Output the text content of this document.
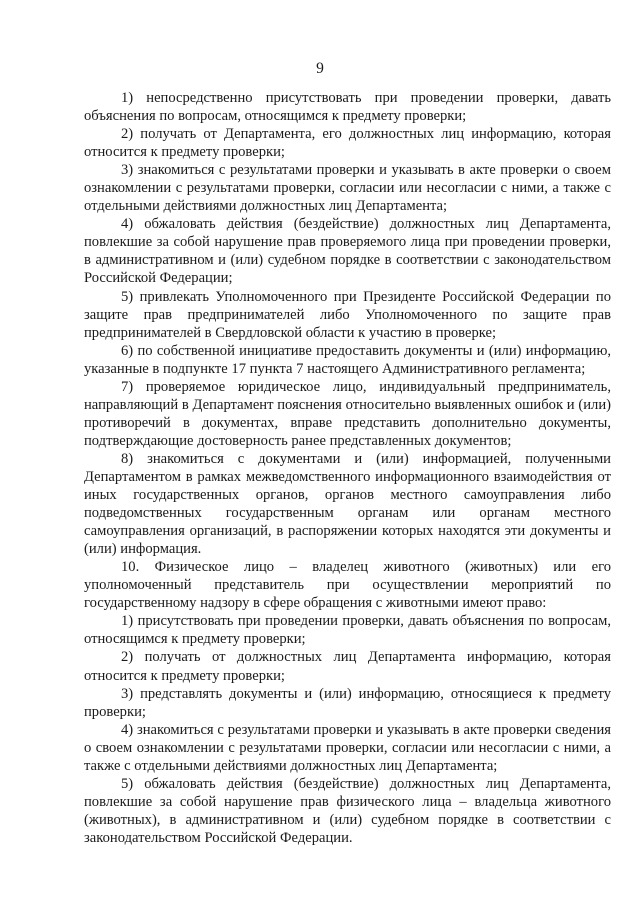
9

1) непосредственно присутствовать при проведении проверки, давать объяснения по вопросам, относящимся к предмету проверки;

2) получать от Департамента, его должностных лиц информацию, которая относится к предмету проверки;

3) знакомиться с результатами проверки и указывать в акте проверки о своем ознакомлении с результатами проверки, согласии или несогласии с ними, а также с отдельными действиями должностных лиц Департамента;

4) обжаловать действия (бездействие) должностных лиц Департамента, повлекшие за собой нарушение прав проверяемого лица при проведении проверки, в административном и (или) судебном порядке в соответствии с законодательством Российской Федерации;

5) привлекать Уполномоченного при Президенте Российской Федерации по защите прав предпринимателей либо Уполномоченного по защите прав предпринимателей в Свердловской области к участию в проверке;

6) по собственной инициативе предоставить документы и (или) информацию, указанные в подпункте 17 пункта 7 настоящего Административного регламента;

7) проверяемое юридическое лицо, индивидуальный предприниматель, направляющий в Департамент пояснения относительно выявленных ошибок и (или) противоречий в документах, вправе представить дополнительно документы, подтверждающие достоверность ранее представленных документов;

8) знакомиться с документами и (или) информацией, полученными Департаментом в рамках межведомственного информационного взаимодействия от иных государственных органов, органов местного самоуправления либо подведомственных государственным органам или органам местного самоуправления организаций, в распоряжении которых находятся эти документы и (или) информация.

10. Физическое лицо – владелец животного (животных) или его уполномоченный представитель при осуществлении мероприятий по государственному надзору в сфере обращения с животными имеют право:

1) присутствовать при проведении проверки, давать объяснения по вопросам, относящимся к предмету проверки;

2) получать от должностных лиц Департамента информацию, которая относится к предмету проверки;

3) представлять документы и (или) информацию, относящиеся к предмету проверки;

4) знакомиться с результатами проверки и указывать в акте проверки сведения о своем ознакомлении с результатами проверки, согласии или несогласии с ними, а также с отдельными действиями должностных лиц Департамента;

5) обжаловать действия (бездействие) должностных лиц Департамента, повлекшие за собой нарушение прав физического лица – владельца животного (животных), в административном и (или) судебном порядке в соответствии с законодательством Российской Федерации.
